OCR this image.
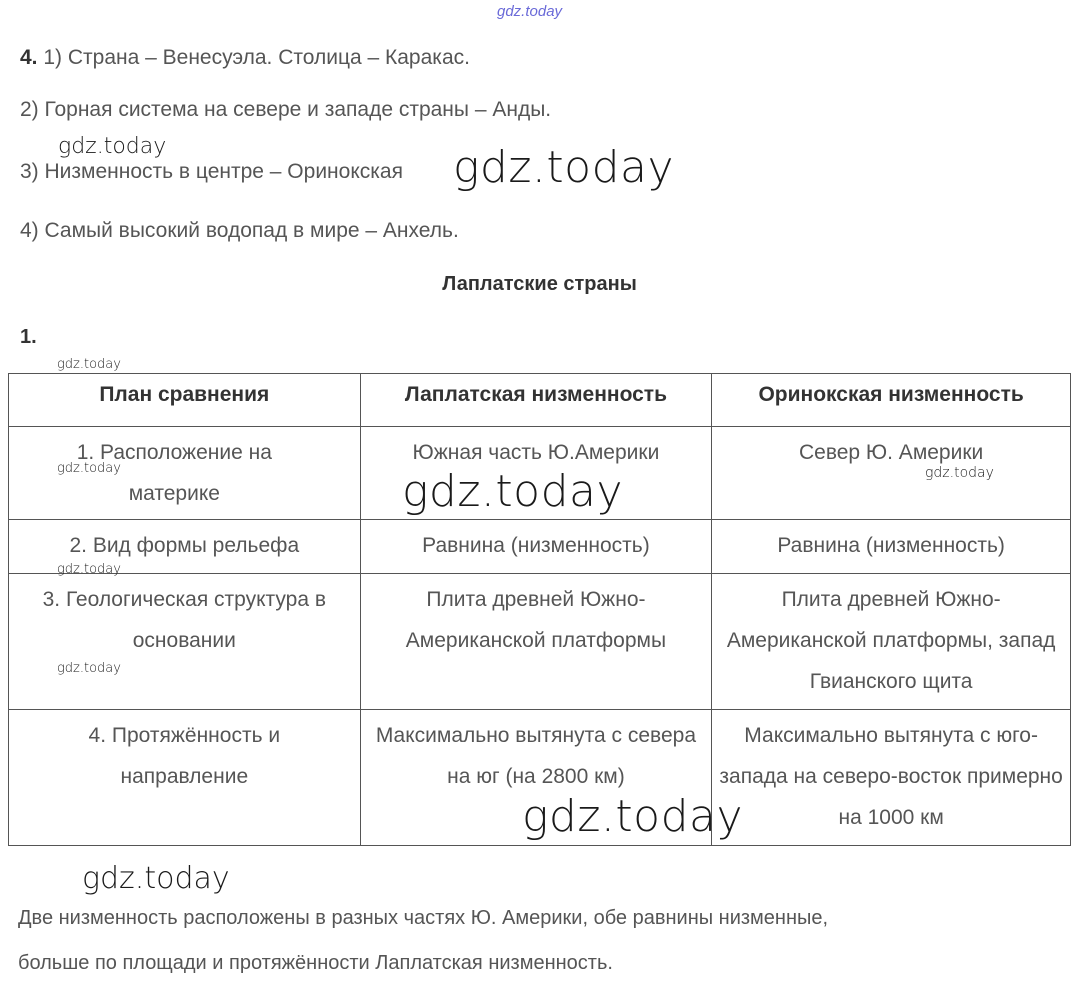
gdz.today
4. 1) Страна – Венесуэла. Столица – Каракас.
2) Горная система на севере и западе страны – Анды.
gdz.today
3) Низменность в центре – Оринокская gdz.today
4) Самый высокий водопад в мире – Анхель.
Лаплатские страны
1.
gdz.today
План сравнения	Лаплатская низменность	Оринокская низменность
1. Расположение на материке	Южная часть Ю.Америки	Север Ю. Америки
2. Вид формы рельефа	Равнина (низменность)	Равнина (низменность)
3. Геологическая структура в основании	Плита древней Южно-Американской платформы	Плита древней Южно-Американской платформы, запад Гвианского щита
4. Протяжённость и направление	Максимально вытянута с севера на юг (на 2800 км)	Максимально вытянута с юго-запада на северо-восток примерно на 1000 км
gdz.today	gdz.today	gdz.today
gdz.today
gdz.today
gdz.today
gdz.today
Две низменность расположены в разных частях Ю. Америки, обе равнины низменные,
больше по площади и протяжённости Лаплатская низменность.
